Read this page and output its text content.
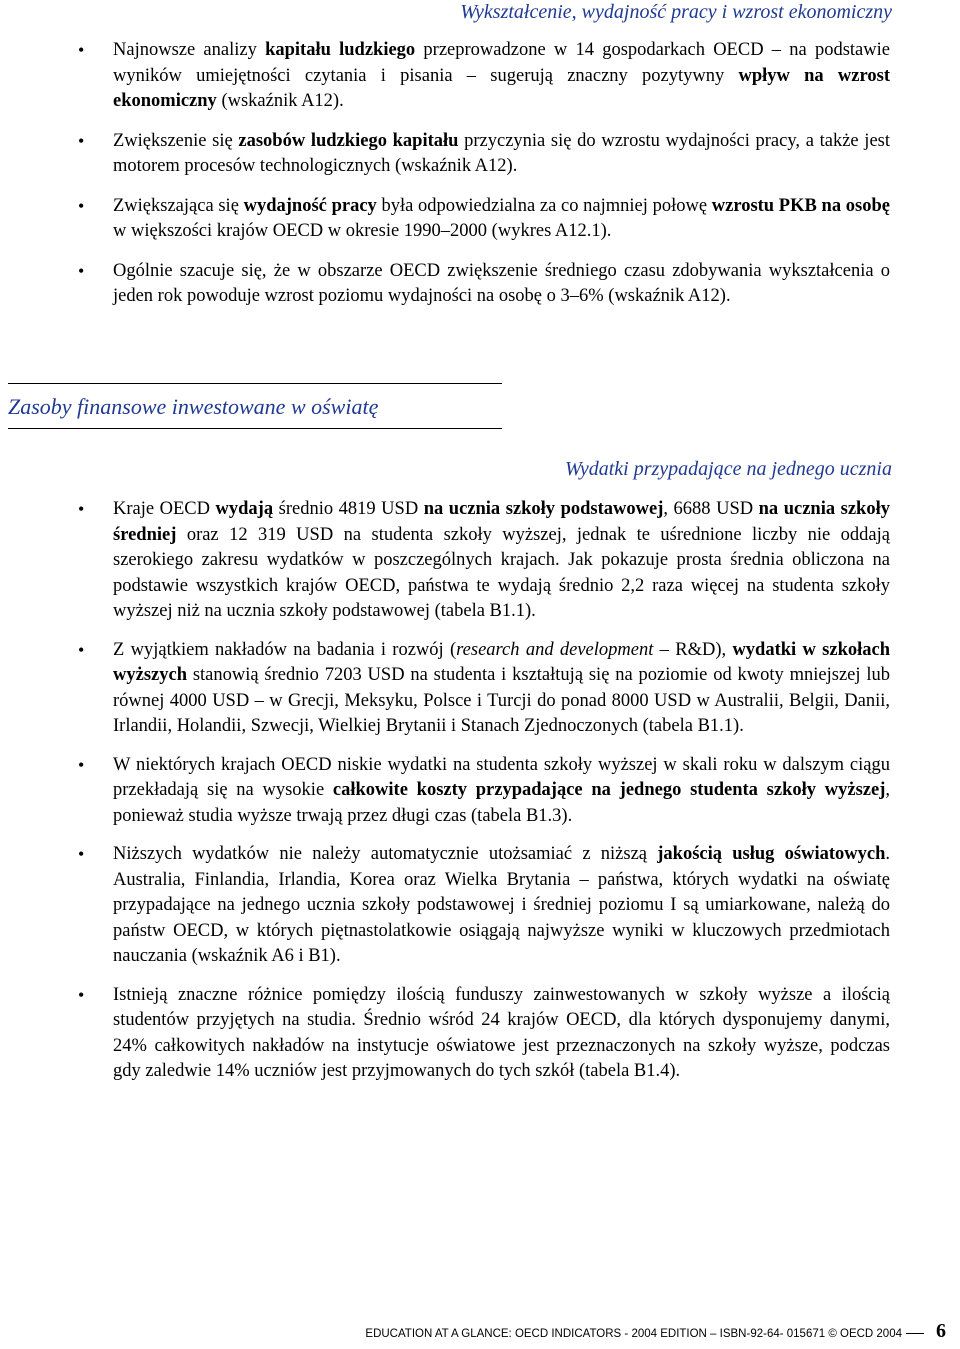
Wykształcenie, wydajność pracy i wzrost ekonomiczny
• Najnowsze analizy kapitału ludzkiego przeprowadzone w 14 gospodarkach OECD – na podstawie wyników umiejętności czytania i pisania – sugerują znaczny pozytywny wpływ na wzrost ekonomiczny (wskaźnik A12).
• Zwiększenie się zasobów ludzkiego kapitału przyczynia się do wzrostu wydajności pracy, a także jest motorem procesów technologicznych (wskaźnik A12).
• Zwiększająca się wydajność pracy była odpowiedzialna za co najmniej połowę wzrostu PKB na osobę w większości krajów OECD w okresie 1990–2000 (wykres A12.1).
• Ogólnie szacuje się, że w obszarze OECD zwiększenie średniego czasu zdobywania wykształcenia o jeden rok powoduje wzrost poziomu wydajności na osobę o 3–6% (wskaźnik A12).
Zasoby finansowe inwestowane w oświatę
Wydatki przypadające na jednego ucznia
• Kraje OECD wydają średnio 4819 USD na ucznia szkoły podstawowej, 6688 USD na ucznia szkoły średniej oraz 12 319 USD na studenta szkoły wyższej, jednak te uśrednione liczby nie oddają szerokiego zakresu wydatków w poszczególnych krajach. Jak pokazuje prosta średnia obliczona na podstawie wszystkich krajów OECD, państwa te wydają średnio 2,2 raza więcej na studenta szkoły wyższej niż na ucznia szkoły podstawowej (tabela B1.1).
• Z wyjątkiem nakładów na badania i rozwój (research and development – R&D), wydatki w szkołach wyższych stanowią średnio 7203 USD na studenta i kształtują się na poziomie od kwoty mniejszej lub równej 4000 USD – w Grecji, Meksyku, Polsce i Turcji do ponad 8000 USD w Australii, Belgii, Danii, Irlandii, Holandii, Szwecji, Wielkiej Brytanii i Stanach Zjednoczonych (tabela B1.1).
• W niektórych krajach OECD niskie wydatki na studenta szkoły wyższej w skali roku w dalszym ciągu przekładają się na wysokie całkowite koszty przypadające na jednego studenta szkoły wyższej, ponieważ studia wyższe trwają przez długi czas (tabela B1.3).
• Niższych wydatków nie należy automatycznie utożsamiać z niższą jakością usług oświatowych. Australia, Finlandia, Irlandia, Korea oraz Wielka Brytania – państwa, których wydatki na oświatę przypadające na jednego ucznia szkoły podstawowej i średniej poziomu I są umiarkowane, należą do państw OECD, w których piętnastolatkowie osiągają najwyższe wyniki w kluczowych przedmiotach nauczania (wskaźnik A6 i B1).
• Istnieją znaczne różnice pomiędzy ilością funduszy zainwestowanych w szkoły wyższe a ilością studentów przyjętych na studia. Średnio wśród 24 krajów OECD, dla których dysponujemy danymi, 24% całkowitych nakładów na instytucje oświatowe jest przeznaczonych na szkoły wyższe, podczas gdy zaledwie 14% uczniów jest przyjmowanych do tych szkół (tabela B1.4).
EDUCATION AT A GLANCE: OECD INDICATORS - 2004 EDITION – ISBN-92-64- 015671 © OECD 2004 6
